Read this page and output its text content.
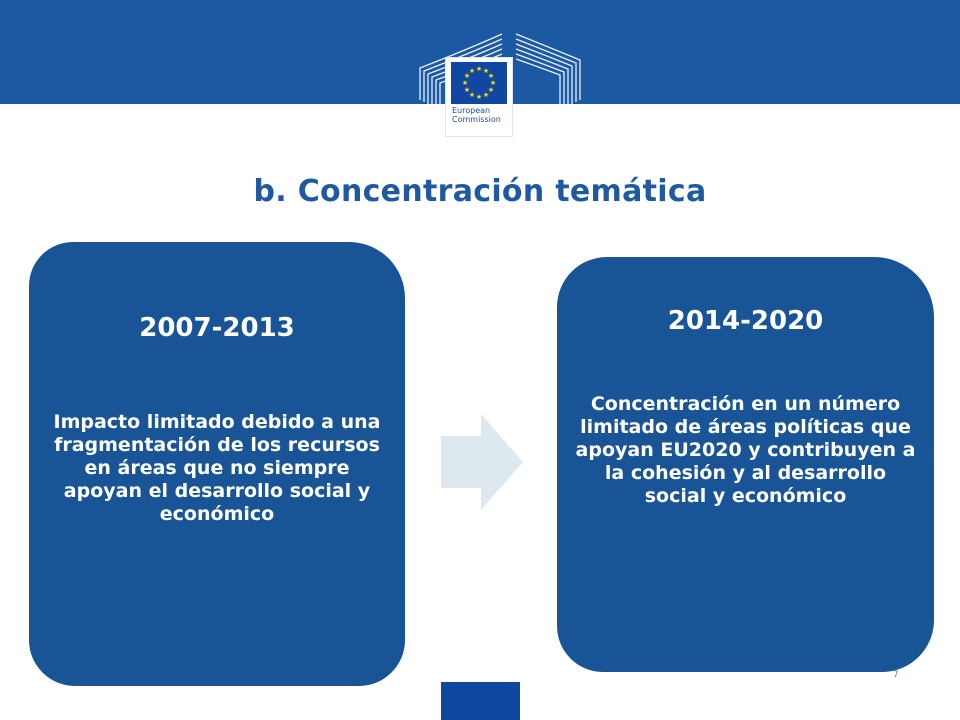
★ ★
★
★
★
★
★
★
★
★
★
★
European
Commission
b. Concentración temática
2007-2013
Impacto limitado debido a una fragmentación de los recursos en áreas que no siempre apoyan el desarrollo social y económico
2014-2020
Concentración en un número limitado de áreas políticas que apoyan EU2020 y contribuyen a la cohesión y al desarrollo social y económico
7
